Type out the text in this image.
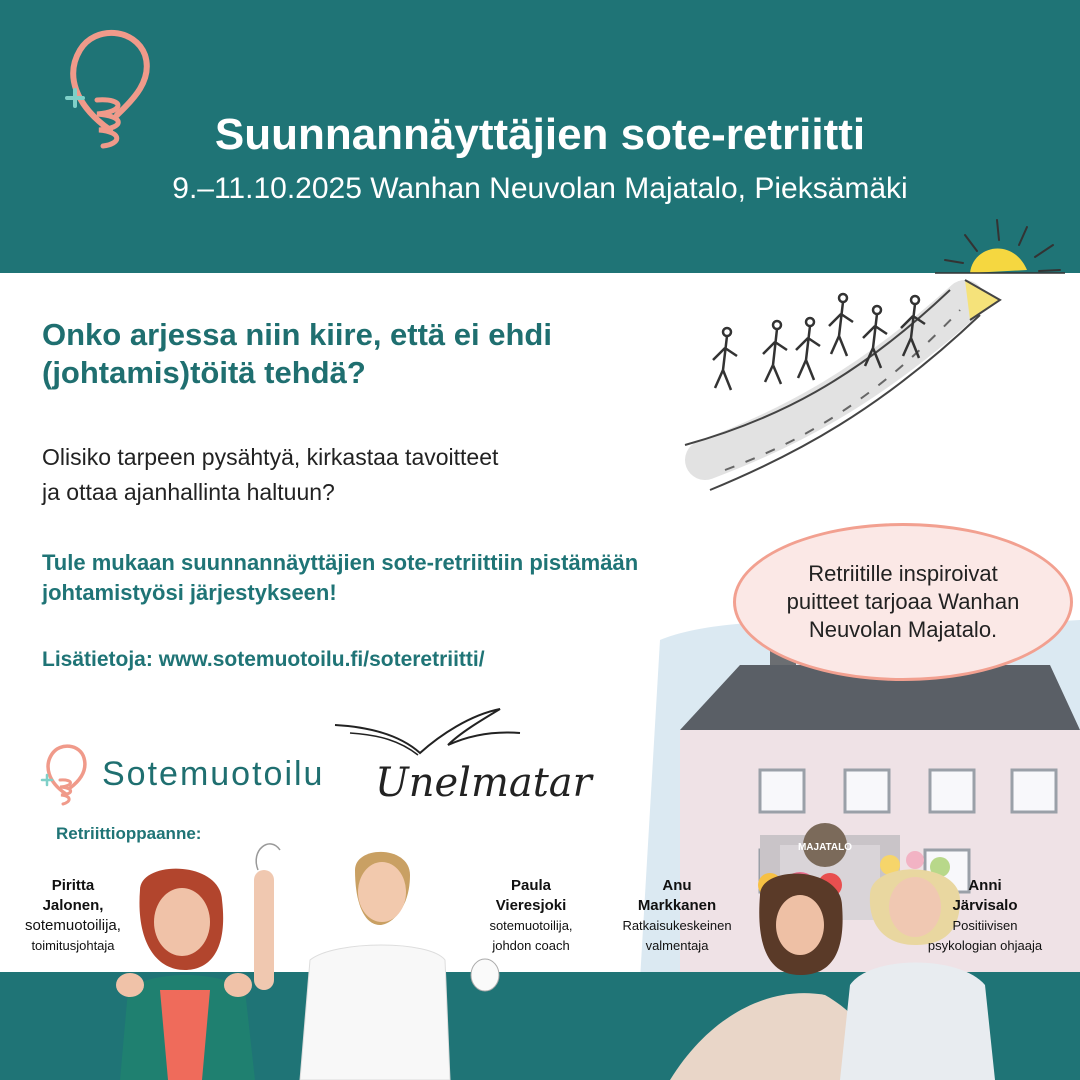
Suunnannäyttäjien sote-retriitti
9.–11.10.2025 Wanhan Neuvolan Majatalo, Pieksämäki
Onko arjessa niin kiire, että ei ehdi (johtamis)töitä tehdä?
Olisiko tarpeen pysähtyä, kirkastaa tavoitteet
ja ottaa ajanhallinta haltuun?
Tule mukaan suunnannäyttäjien sote-retriittiin pistämään johtamistyösi järjestykseen!
Lisätietoja: www.sotemuotoilu.fi/soteretriitti/
MAJATALO
Retriitille inspiroivat puitteet tarjoaa Wanhan Neuvolan Majatalo.
Sotemuotoilu Unelmatar
Retriittioppaanne:
Piritta
Jalonen,
sotemuotoilija,
toimitusjohtaja
Paula
Vieresjoki
sotemuotoilija,
johdon coach
Anu
Markkanen
Ratkaisukeskeinen
valmentaja
Anni
Järvisalo
Positiivisen
psykologian ohjaaja
